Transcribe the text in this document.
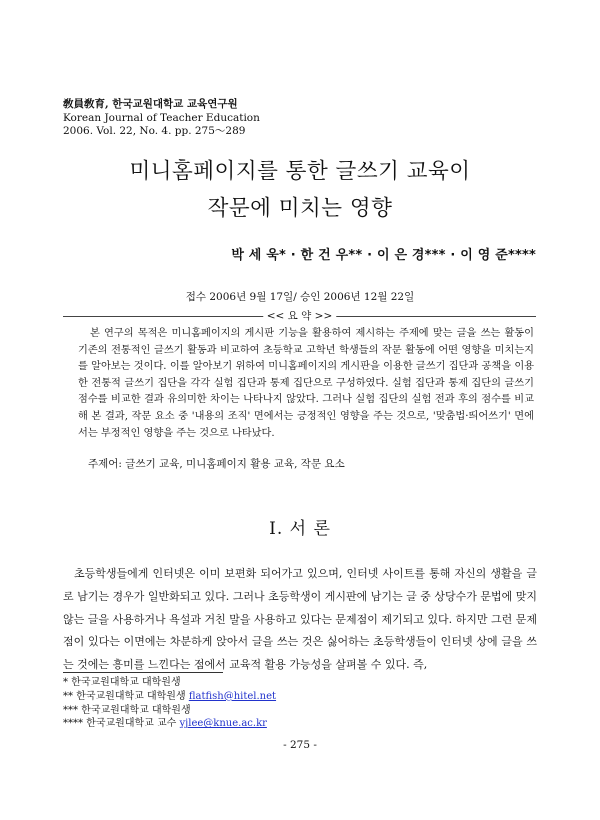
敎員敎育, 한국교원대학교 교육연구원
Korean Journal of Teacher Education
2006. Vol. 22, No. 4. pp. 275～289
미니홈페이지를 통한 글쓰기 교육이
작문에 미치는 영향
박 세 욱* · 한 건 우** · 이 은 경*** · 이 영 준****
접수 2006년 9월 17일/ 승인 2006년 12월 22일
<< 요 약 >>

본 연구의 목적은 미니홈페이지의 게시판 기능을 활용하여 제시하는 주제에 맞는 글을 쓰는 활동이 기존의 전통적인 글쓰기 활동과 비교하여 초등학교 고학년 학생들의 작문 활동에 어떤 영향을 미치는지를 알아보는 것이다. 이를 알아보기 위하여 미니홈페이지의 게시판을 이용한 글쓰기 집단과 공책을 이용한 전통적 글쓰기 집단을 각각 실험 집단과 통제 집단으로 구성하였다. 실험 집단과 통제 집단의 글쓰기 점수를 비교한 결과 유의미한 차이는 나타나지 않았다. 그러나 실험 집단의 실험 전과 후의 점수를 비교해 본 결과, 작문 요소 중 '내용의 조직' 면에서는 긍정적인 영향을 주는 것으로, '맞춤법·띄어쓰기' 면에서는 부정적인 영향을 주는 것으로 나타났다.

주제어: 글쓰기 교육, 미니홈페이지 활용 교육, 작문 요소
Ⅰ. 서 론

초등학생들에게 인터넷은 이미 보편화 되어가고 있으며, 인터넷 사이트를 통해 자신의 생활을 글로 남기는 경우가 일반화되고 있다. 그러나 초등학생이 게시판에 남기는 글 중 상당수가 문법에 맞지 않는 글을 사용하거나 욕설과 거친 말을 사용하고 있다는 문제점이 제기되고 있다. 하지만 그런 문제점이 있다는 이면에는 차분하게 앉아서 글을 쓰는 것은 싫어하는 초등학생들이 인터넷 상에 글을 쓰는 것에는 흥미를 느낀다는 점에서 교육적 활용 가능성을 살펴볼 수 있다. 즉,

* 한국교원대학교 대학원생
** 한국교원대학교 대학원생 flatfish@hitel.net
*** 한국교원대학교 대학원생
**** 한국교원대학교 교수 yjlee@knue.ac.kr
- 275 -
